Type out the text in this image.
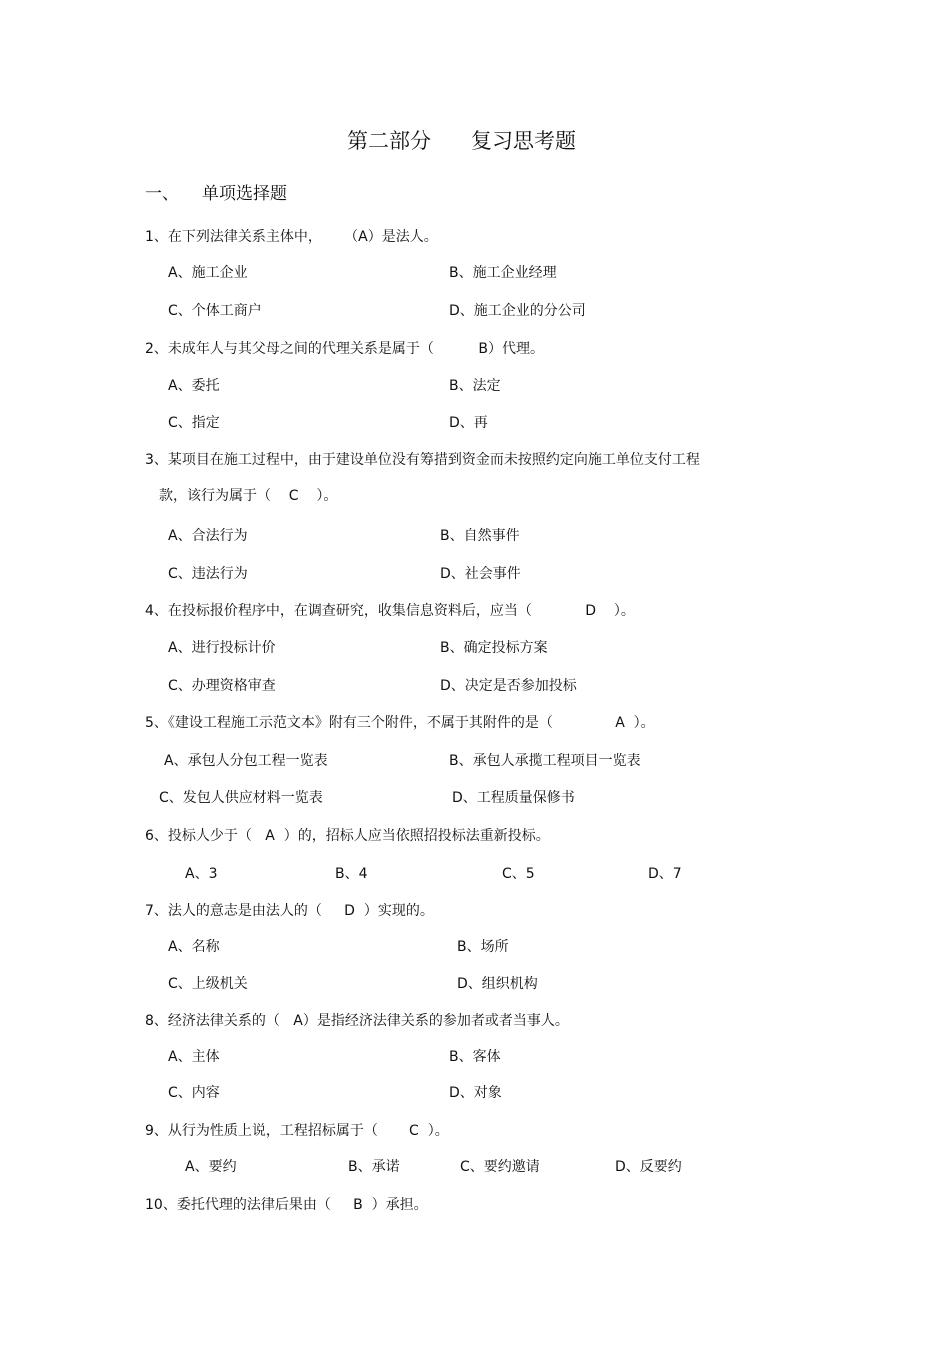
第二部分      复习思考题
一、 单项选择题
1、在下列法律关系主体中，     （A）是法人。
A、施工企业	B、施工企业经理
C、个体工商户	D、施工企业的分公司
2、未成年人与其父母之间的代理关系是属于（          B）代理。
A、委托	B、法定
C、指定	D、再
3、某项目在施工过程中，由于建设单位没有筹措到资金而未按照约定向施工单位支付工程
款，该行为属于（    C    ）。
A、合法行为	B、自然事件
C、违法行为	D、社会事件
4、在投标报价程序中，在调查研究，收集信息资料后，应当（            D    ）。
A、进行投标计价	B、确定投标方案
C、办理资格审查	D、决定是否参加投标
5、《建设工程施工示范文本》附有三个附件，不属于其附件的是（              A  ）。
A、承包人分包工程一览表	B、承包人承揽工程项目一览表
C、发包人供应材料一览表	D、工程质量保修书
6、投标人少于（   A  ）的，招标人应当依照招投标法重新投标。
A、3	B、4	C、5	D、7
7、法人的意志是由法人的（     D  ）实现的。
A、名称	B、场所
C、上级机关	D、组织机构
8、经济法律关系的（   A）是指经济法律关系的参加者或者当事人。
A、主体	B、客体
C、内容	D、对象
9、从行为性质上说，工程招标属于（       C  ）。
A、要约	B、承诺	C、要约邀请	D、反要约
10、委托代理的法律后果由（     B  ）承担。
